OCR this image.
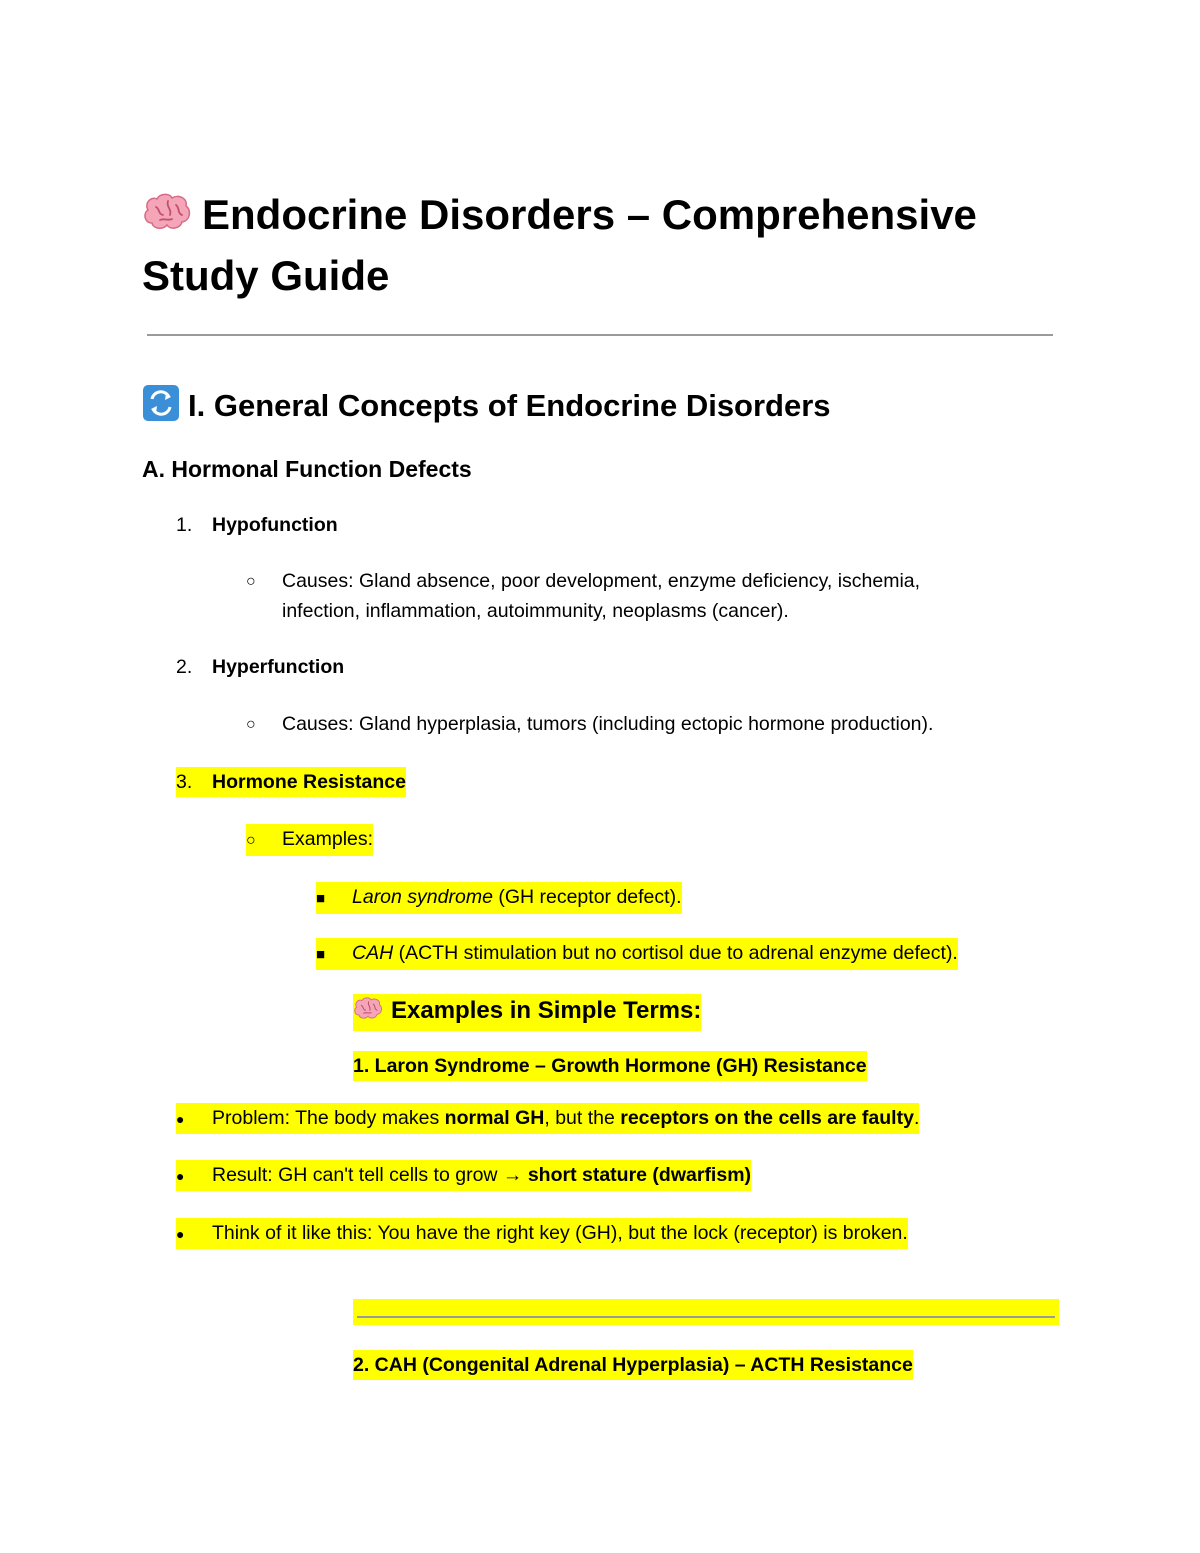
Endocrine Disorders – Comprehensive
Study Guide
I. General Concepts of Endocrine Disorders
A. Hormonal Function Defects
1. Hypofunction
○ Causes: Gland absence, poor development, enzyme deficiency, ischemia,
infection, inflammation, autoimmunity, neoplasms (cancer).
2. Hyperfunction
○ Causes: Gland hyperplasia, tumors (including ectopic hormone production).
3. Hormone Resistance
○ Examples:
■ Laron syndrome (GH receptor defect).
■ CAH (ACTH stimulation but no cortisol due to adrenal enzyme defect).
Examples in Simple Terms:
1. Laron Syndrome – Growth Hormone (GH) Resistance
● Problem: The body makes normal GH, but the receptors on the cells are faulty.
● Result: GH can't tell cells to grow → short stature (dwarfism)
● Think of it like this: You have the right key (GH), but the lock (receptor) is broken.
2. CAH (Congenital Adrenal Hyperplasia) – ACTH Resistance
